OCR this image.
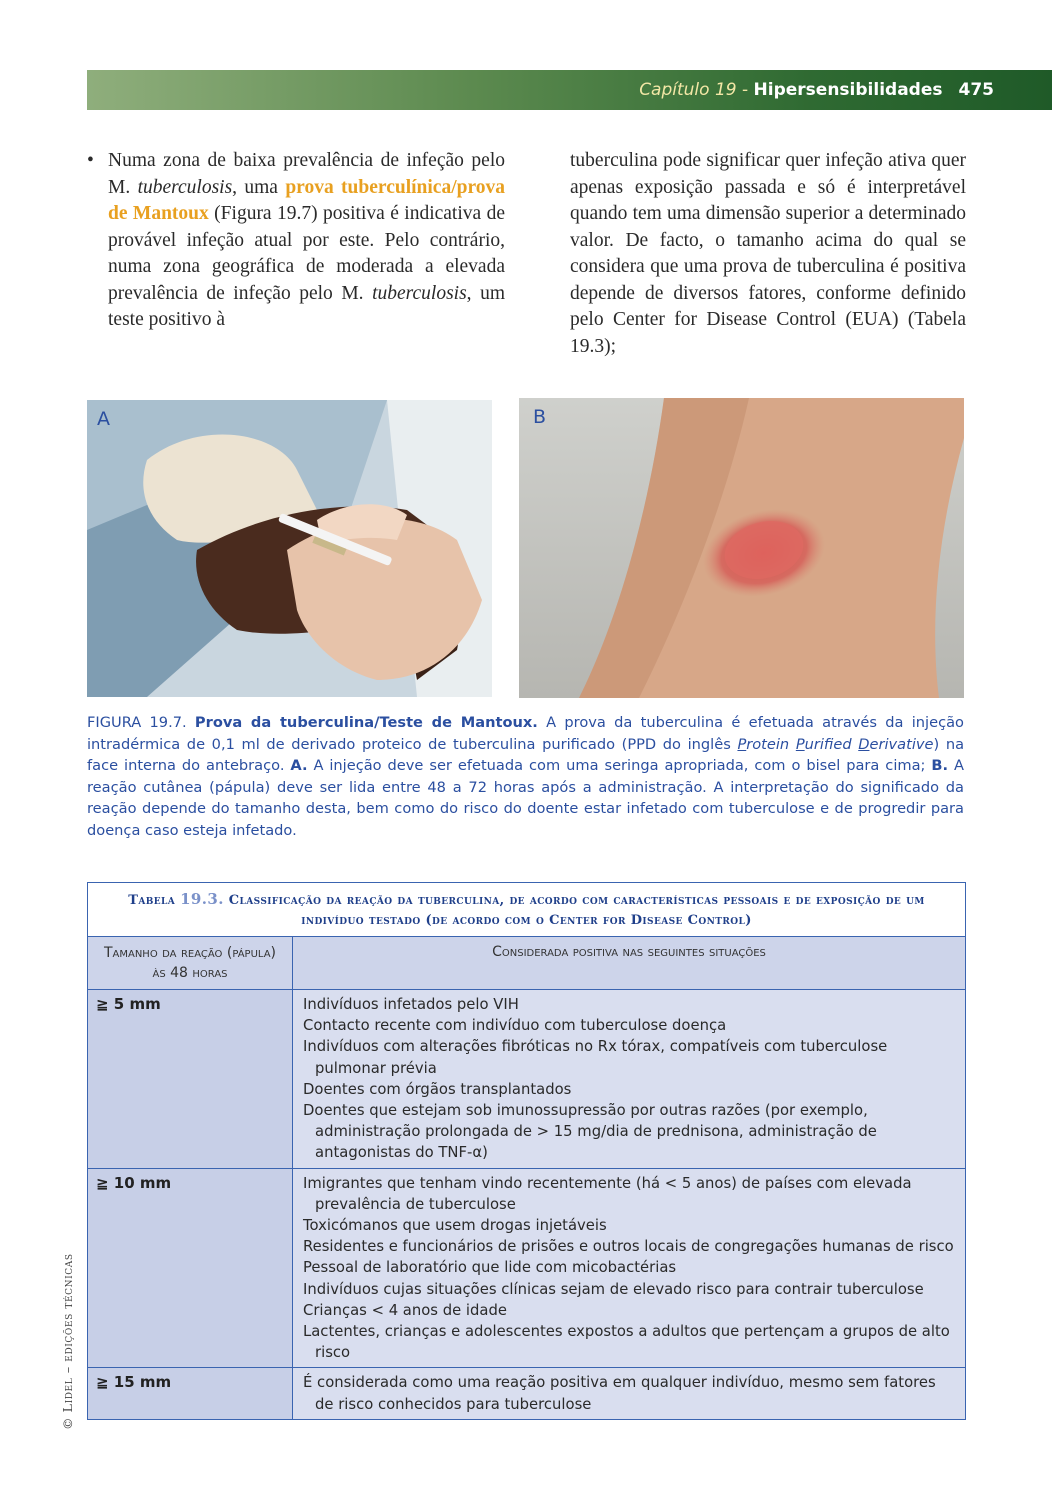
Capítulo 19 - Hipersensibilidades 475
• Numa zona de baixa prevalência de infeção pelo M. tuberculosis, uma prova tuberculínica/prova de Mantoux (Figura 19.7) positiva é indicativa de provável infeção atual por este. Pelo contrário, numa zona geográfica de moderada a elevada prevalência de infeção pelo M. tuberculosis, um teste positivo à
tuberculina pode significar quer infeção ativa quer apenas exposição passada e só é interpretável quando tem uma dimensão superior a determinado valor. De facto, o tamanho acima do qual se considera que uma prova de tuberculina é positiva depende de diversos fatores, conforme definido pelo Center for Disease Control (EUA) (Tabela 19.3);
A	B
FIGURA 19.7. Prova da tuberculina/Teste de Mantoux. A prova da tuberculina é efetuada através da injeção intradérmica de 0,1 ml de derivado proteico de tuberculina purificado (PPD do inglês Protein Purified Derivative) na face interna do antebraço. A. A injeção deve ser efetuada com uma seringa apropriada, com o bisel para cima; B. A reação cutânea (pápula) deve ser lida entre 48 a 72 horas após a administração. A interpretação do significado da reação depende do tamanho desta, bem como do risco do doente estar infetado com tuberculose e de progredir para doença caso esteja infetado.
Tabela 19.3. Classificação da reação da tuberculina, de acordo com características pessoais e de exposição de um indivíduo testado (de acordo com o Center for Disease Control)
Tamanho da reação (pápula) às 48 horas
Considerada positiva nas seguintes situações
≧ 5 mm	Indivíduos infetados pelo VIH
Contacto recente com indivíduo com tuberculose doença
Indivíduos com alterações fibróticas no Rx tórax, compatíveis com tuberculose pulmonar prévia
Doentes com órgãos transplantados
Doentes que estejam sob imunossupressão por outras razões (por exemplo, administração prolongada de > 15 mg/dia de prednisona, administração de antagonistas do TNF-α)
≧ 10 mm	Imigrantes que tenham vindo recentemente (há < 5 anos) de países com elevada prevalência de tuberculose
Toxicómanos que usem drogas injetáveis
Residentes e funcionários de prisões e outros locais de congregações humanas de risco
Pessoal de laboratório que lide com micobactérias
Indivíduos cujas situações clínicas sejam de elevado risco para contrair tuberculose
Crianças < 4 anos de idade
Lactentes, crianças e adolescentes expostos a adultos que pertençam a grupos de alto risco
≧ 15 mm	É considerada como uma reação positiva em qualquer indivíduo, mesmo sem fatores de risco conhecidos para tuberculose
© Lidel – edições técnicas
